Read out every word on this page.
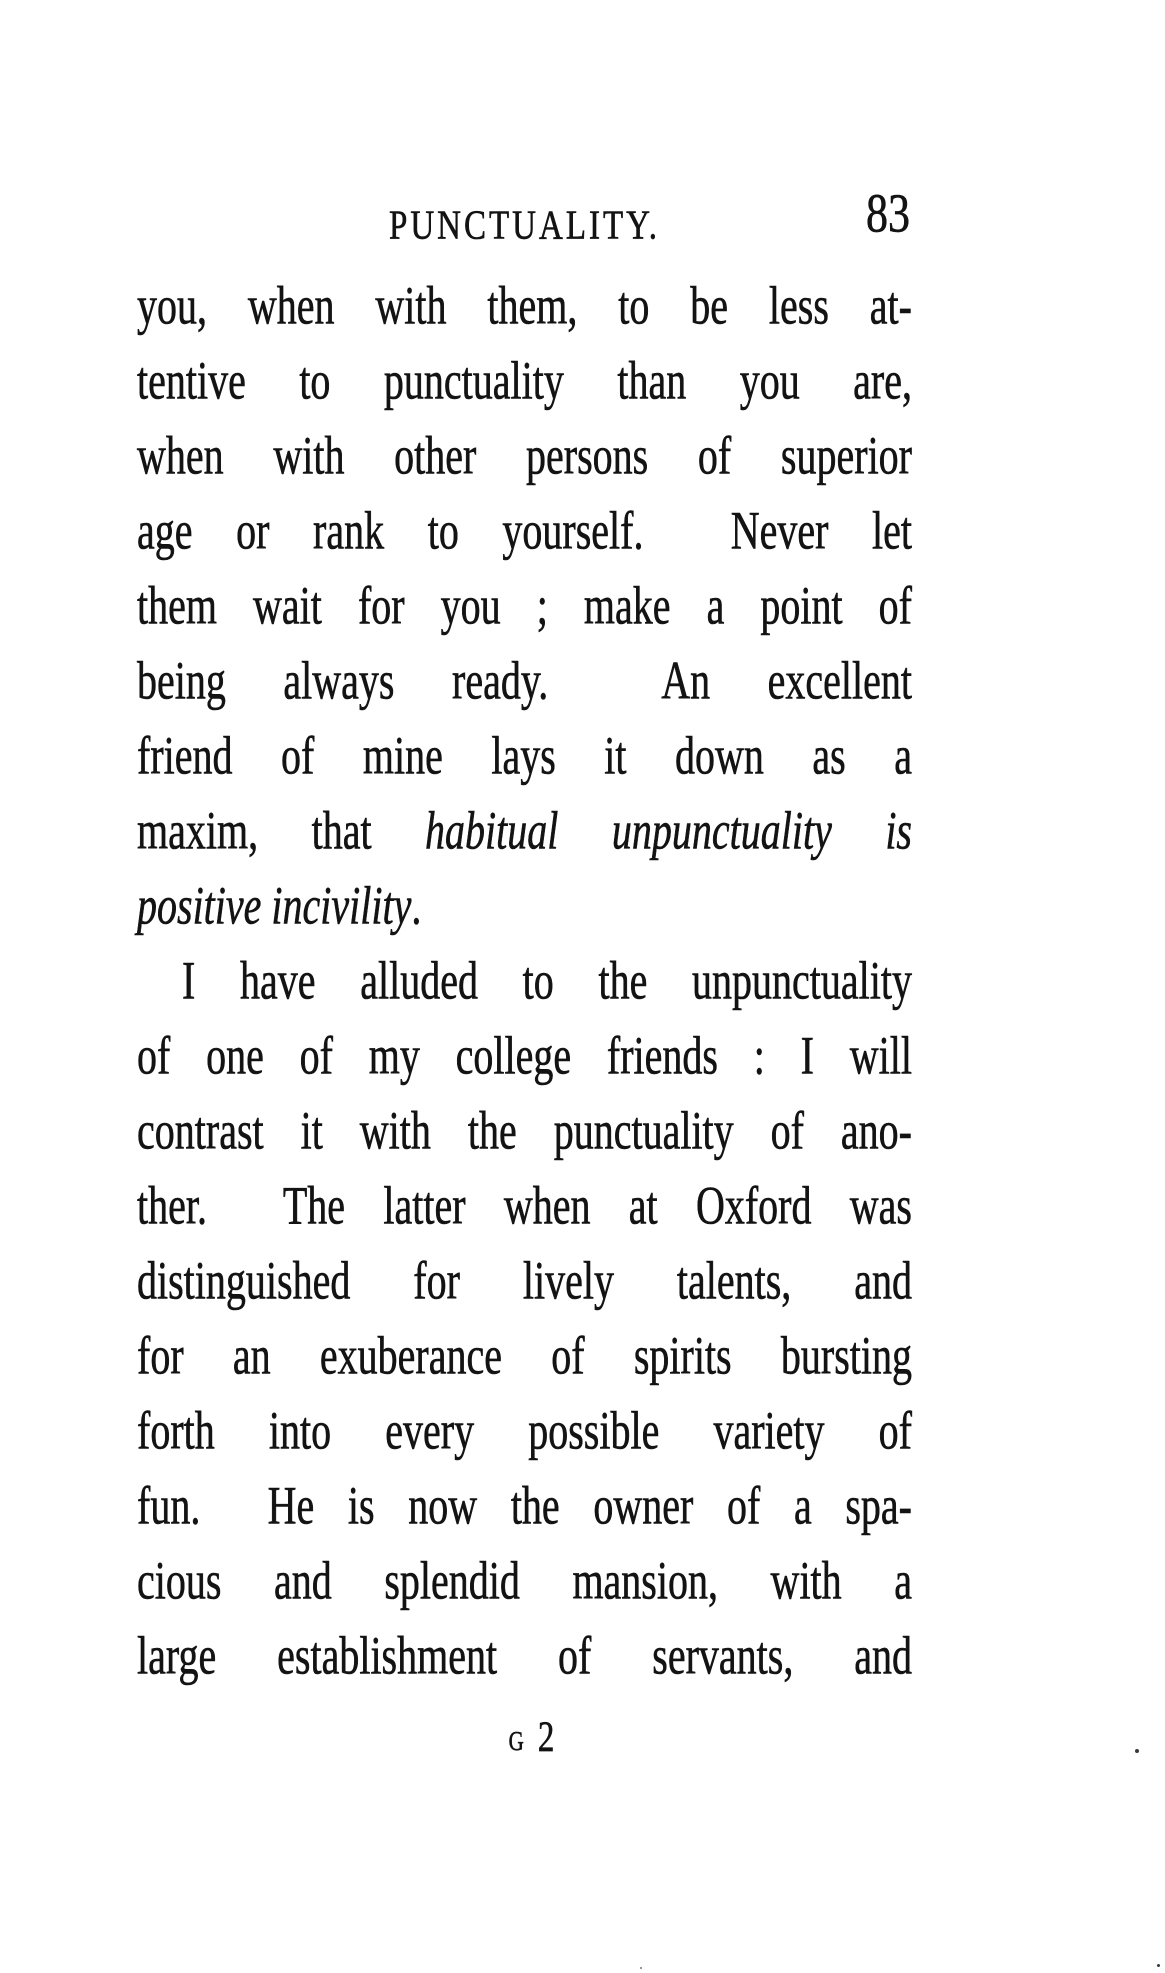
PUNCTUALITY.	83
you, when with them, to be less at-
tentive to punctuality than you are,
when with other persons of superior
age or rank to yourself.  Never let
them wait for you ; make a point of
being always ready.  An excellent
friend of mine lays it down as a
maxim, that habitual unpunctuality is
positive incivility.
I have alluded to the unpunctuality
of one of my college friends : I will
contrast it with the punctuality of ano-
ther.  The latter when at Oxford was
distinguished for lively talents, and
for an exuberance of spirits bursting
forth into every possible variety of
fun.  He is now the owner of a spa-
cious and splendid mansion, with a
large establishment of servants, and
G 2
